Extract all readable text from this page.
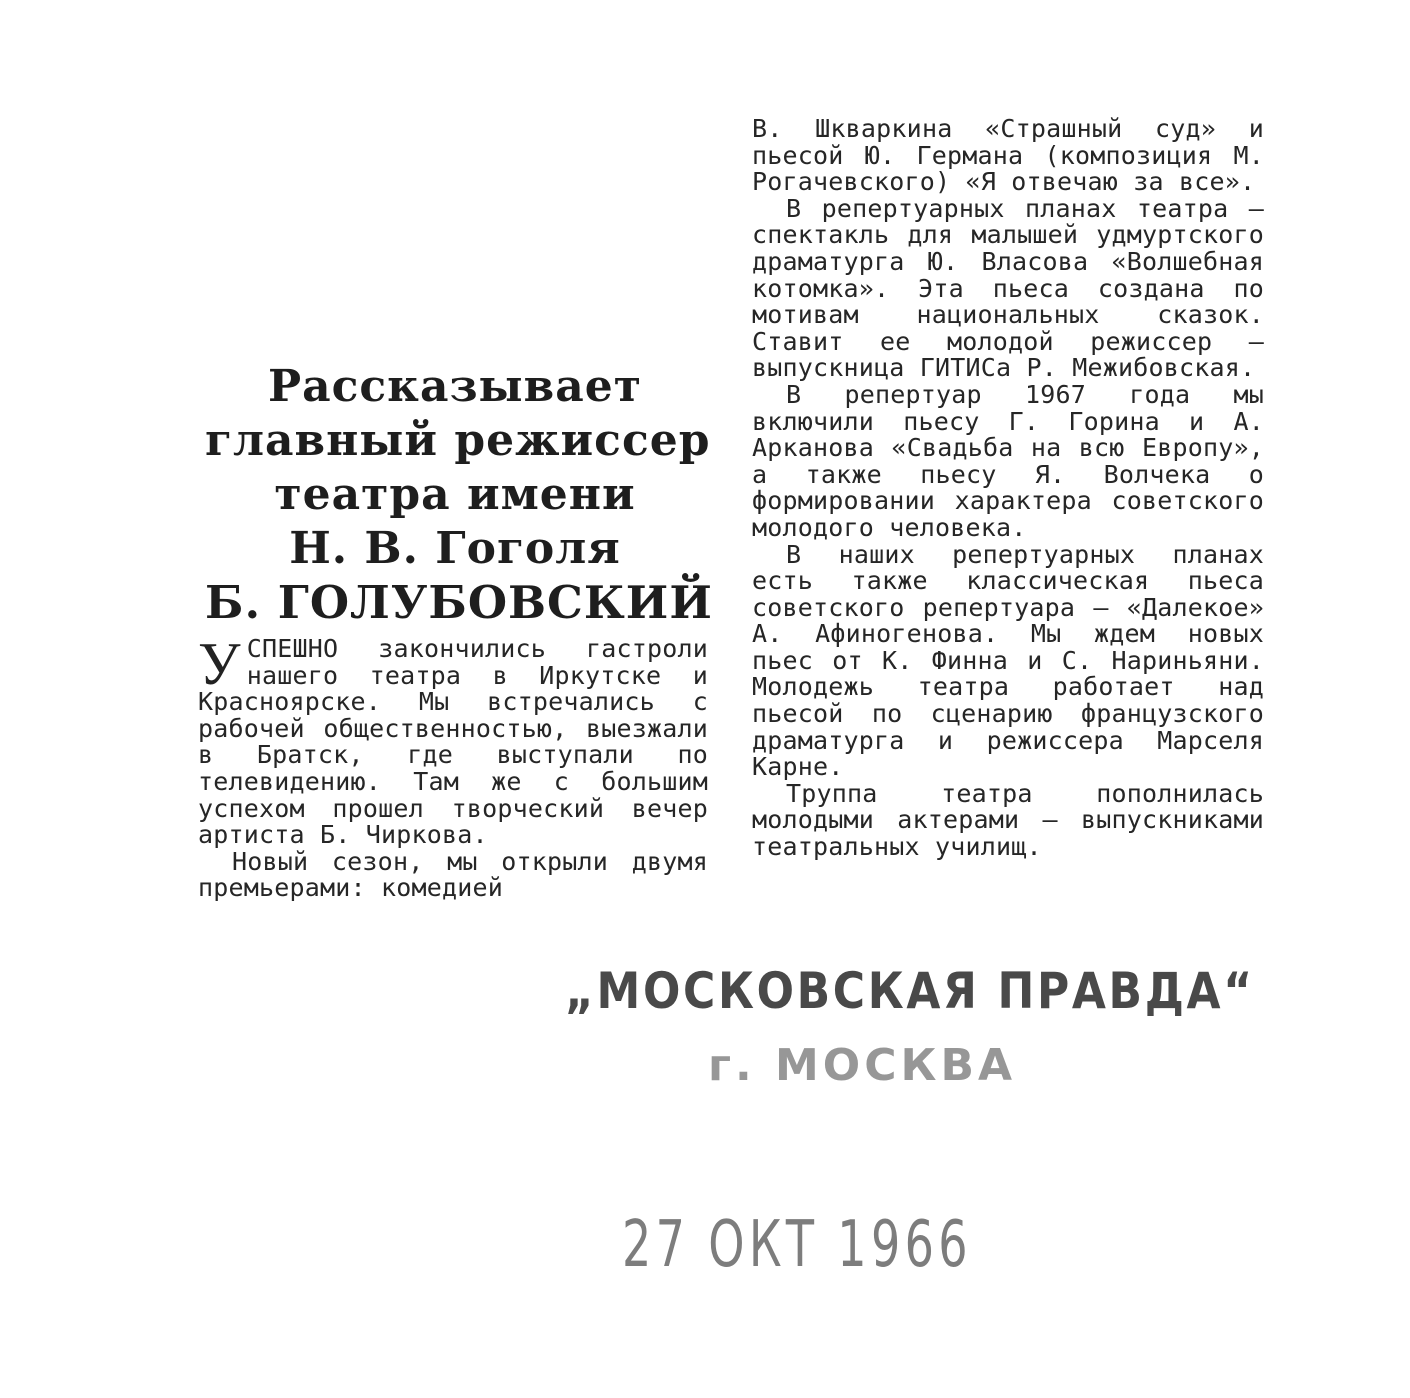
Рассказывает
главный режиссер
театра имени
Н. В. Гоголя
Б. ГОЛУБОВСКИЙ

УСПЕШНО закончились гастроли нашего театра в Иркутске и Красноярске. Мы встречались с рабочей общественностью, выезжали в Братск, где выступали по телевидению. Там же с большим успехом прошел творческий вечер артиста Б. Чиркова.

Новый сезон, мы открыли двумя премьерами: комедией

В. Шкваркина «Страшный суд» и пьесой Ю. Германа (композиция М. Рогачевского) «Я отвечаю за все».

В репертуарных планах театра — спектакль для малышей удмуртского драматурга Ю. Власова «Волшебная котомка». Эта пьеса создана по мотивам национальных сказок. Ставит ее молодой режиссер — выпускница ГИТИСа Р. Межибовская.

В репертуар 1967 года мы включили пьесу Г. Горина и А. Арканова «Свадьба на всю Европу», а также пьесу Я. Волчека о формировании характера советского молодого человека.

В наших репертуарных планах есть также классическая пьеса советского репертуара — «Далекое» А. Афиногенова. Мы ждем новых пьес от К. Финна и С. Нариньяни. Молодежь театра работает над пьесой по сценарию французского драматурга и режиссера Марселя Карне.

Труппа театра пополнилась молодыми актерами — выпускниками театральных училищ.

„МОСКОВСКАЯ ПРАВДА“
г. МОСКВА
27 ОКТ 1966
